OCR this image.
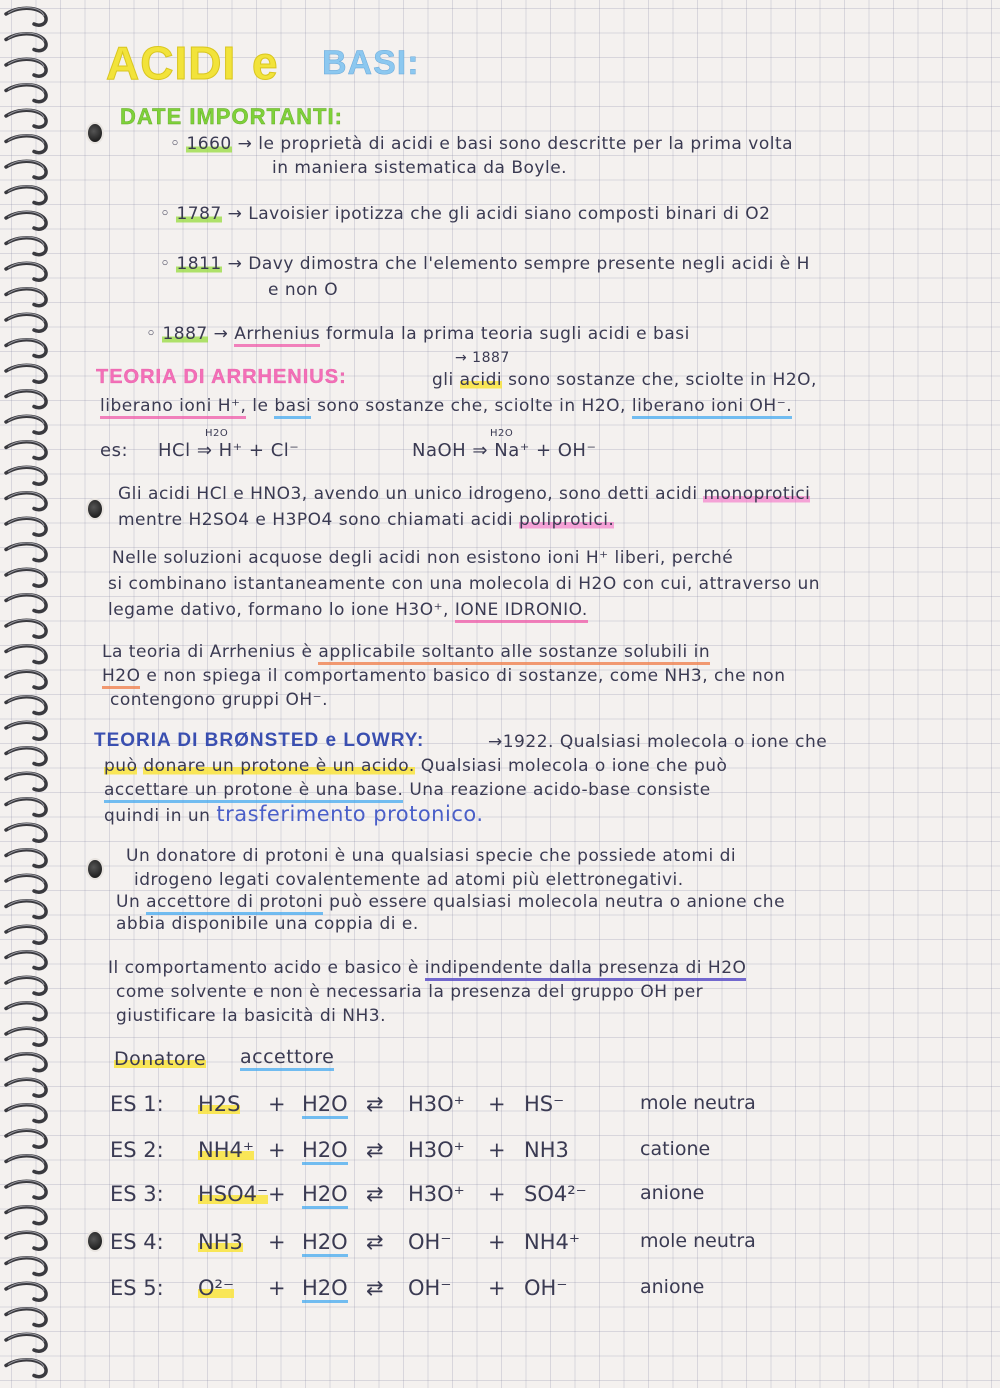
ACIDI e BASI:
DATE IMPORTANTI:
◦ 1660 → le proprietà di acidi e basi sono descritte per la prima volta
in maniera sistematica da Boyle.
◦ 1787 → Lavoisier ipotizza che gli acidi siano composti binari di O2
◦ 1811 → Davy dimostra che l'elemento sempre presente negli acidi è H
e non O
◦ 1887 → Arrhenius formula la prima teoria sugli acidi e basi
→ 1887
TEORIA DI ARRHENIUS:	gli acidi sono sostanze che, sciolte in H2O,
liberano ioni H⁺, le basi sono sostanze che, sciolte in H2O, liberano ioni OH⁻.
es: HCl ⇒ H⁺ + Cl⁻
H2O
NaOH ⇒ Na⁺ + OH⁻
H2O
Gli acidi HCl e HNO3, avendo un unico idrogeno, sono detti acidi monoprotici
mentre H2SO4 e H3PO4 sono chiamati acidi poliprotici.
Nelle soluzioni acquose degli acidi non esistono ioni H⁺ liberi, perché
si combinano istantaneamente con una molecola di H2O con cui, attraverso un
legame dativo, formano lo ione H3O⁺, IONE IDRONIO.
La teoria di Arrhenius è applicabile soltanto alle sostanze solubili in
H2O e non spiega il comportamento basico di sostanze, come NH3, che non
contengono gruppi OH⁻.
TEORIA DI BRØNSTED e LOWRY:	→1922. Qualsiasi molecola o ione che
può donare un protone è un acido. Qualsiasi molecola o ione che può
accettare un protone è una base. Una reazione acido-base consiste
quindi in un trasferimento protonico.
Un donatore di protoni è una qualsiasi specie che possiede atomi di
idrogeno legati covalentemente ad atomi più elettronegativi.
Un accettore di protoni può essere qualsiasi molecola neutra o anione che
abbia disponibile una coppia di e.
Il comportamento acido e basico è indipendente dalla presenza di H2O
come solvente e non è necessaria la presenza del gruppo OH per
giustificare la basicità di NH3.
Donatore accettore
ES 1: H2S + H2O ⇄ H3O⁺ + HS⁻	mole neutra
ES 2: NH4⁺ + H2O ⇄ H3O⁺ + NH3	catione
ES 3: HSO4⁻ + H2O ⇄ H3O⁺ + SO4²⁻	anione
ES 4: NH3 + H2O ⇄ OH⁻ + NH4⁺	mole neutra
ES 5: O²⁻ + H2O ⇄ OH⁻ + OH⁻	anione
